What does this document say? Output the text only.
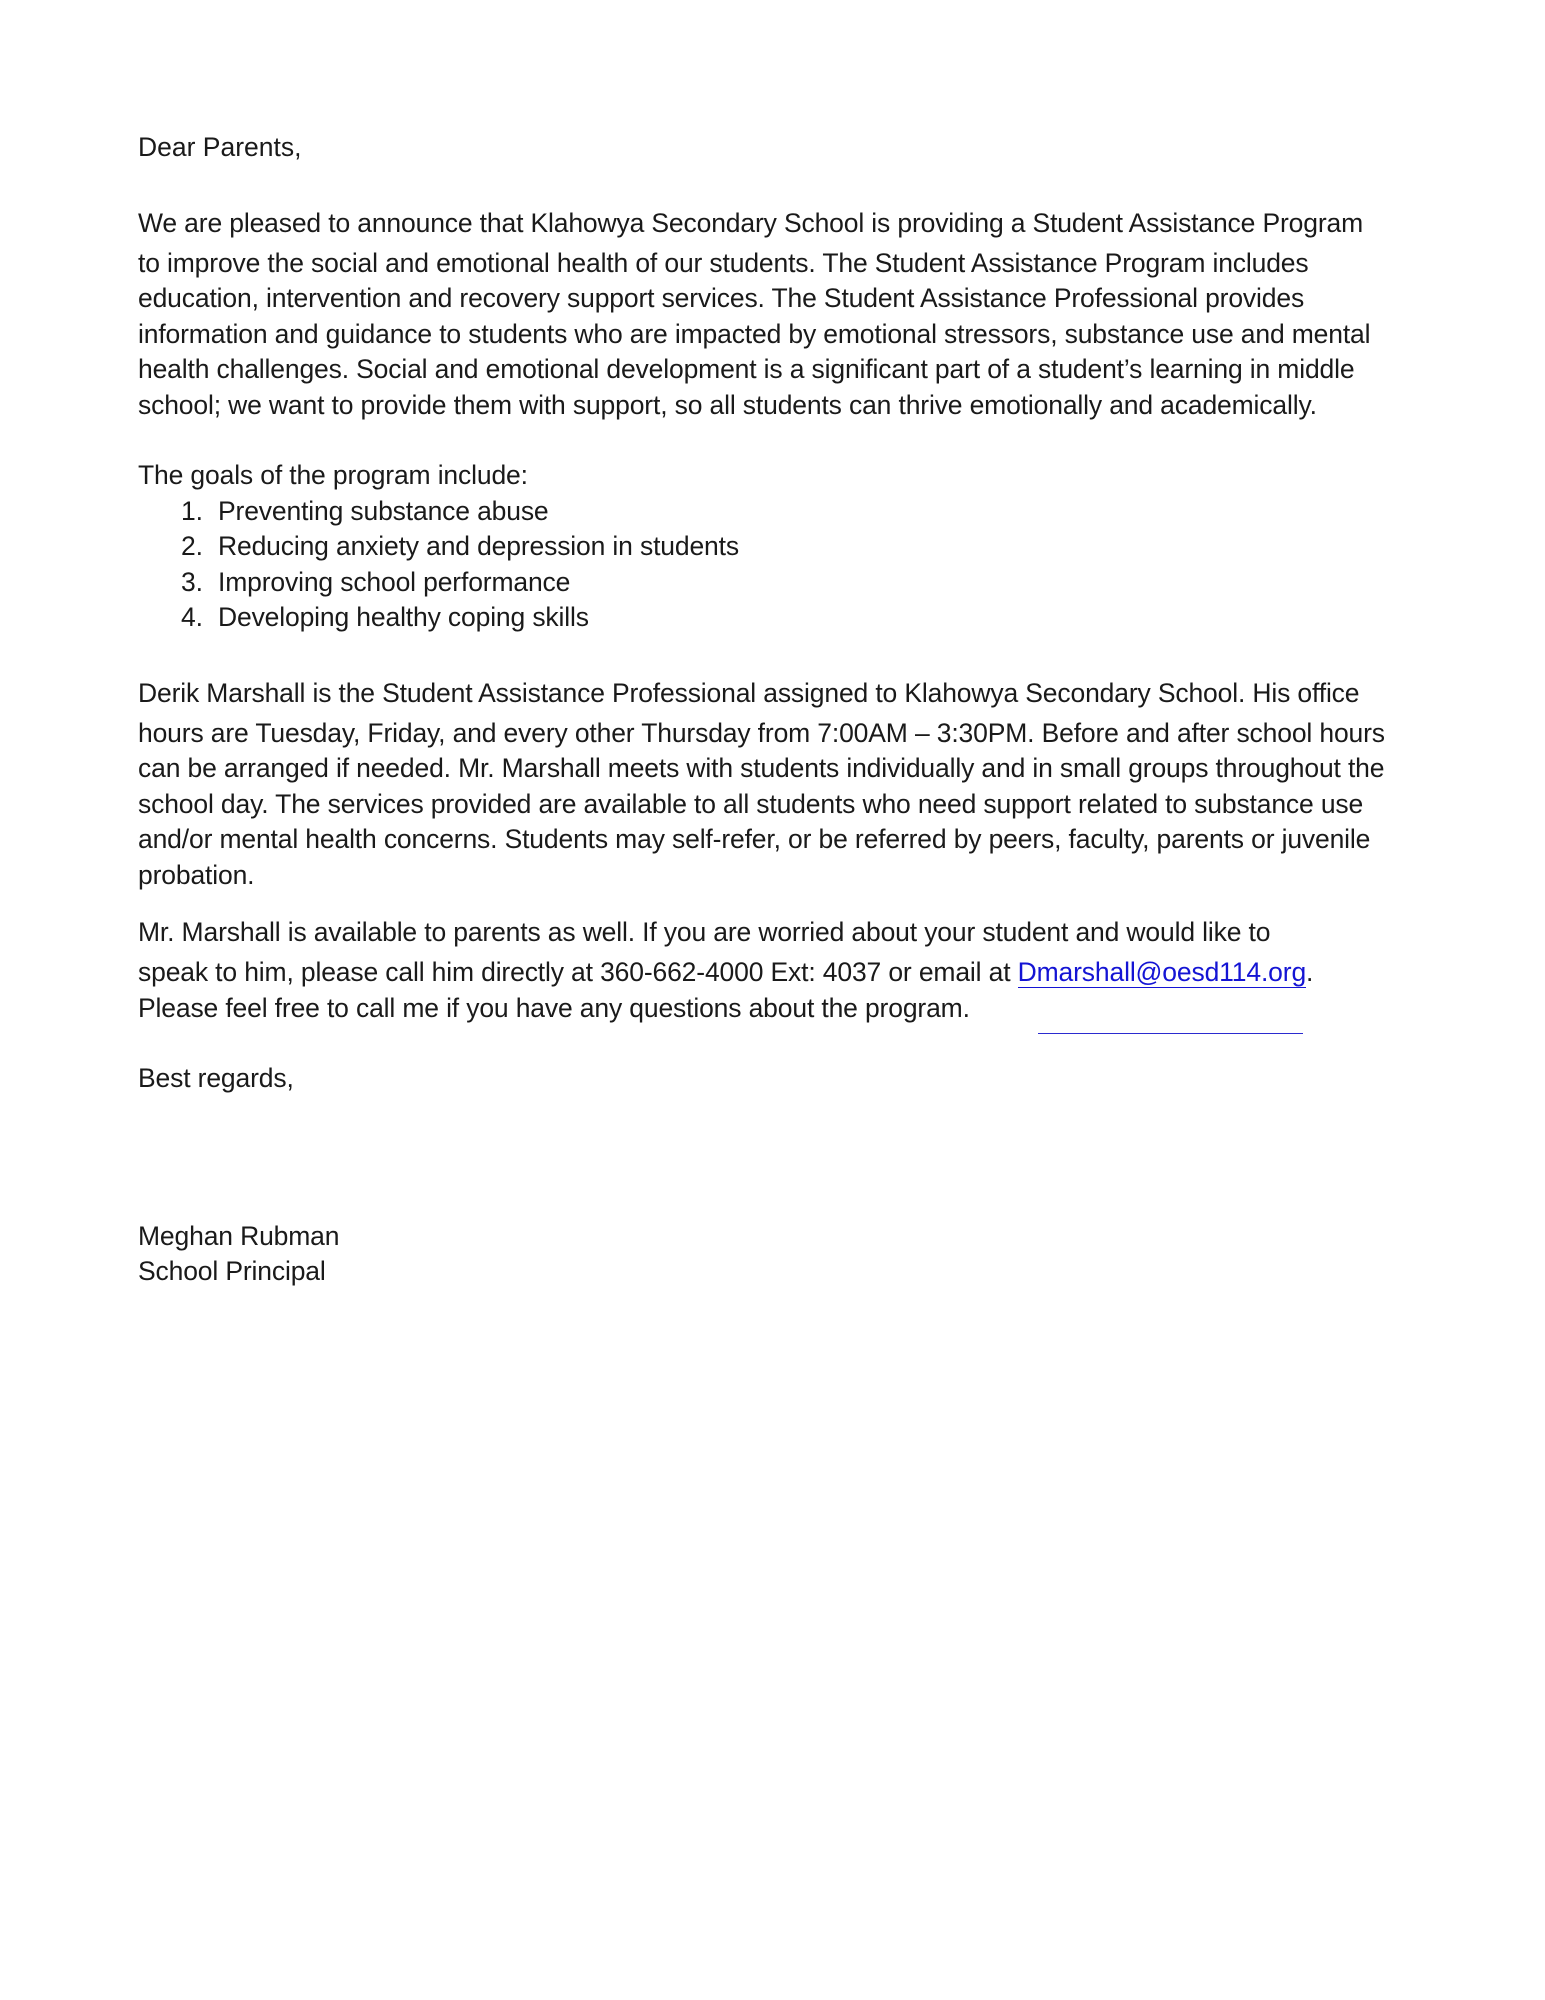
Dear Parents,

We are pleased to announce that Klahowya Secondary School is providing a Student Assistance Program

to improve the social and emotional health of our students. The Student Assistance Program includes education, intervention and recovery support services. The Student Assistance Professional provides information and guidance to students who are impacted by emotional stressors, substance use and mental health challenges. Social and emotional development is a significant part of a student’s learning in middle school; we want to provide them with support, so all students can thrive emotionally and academically.

The goals of the program include:

1. Preventing substance abuse
2. Reducing anxiety and depression in students
3. Improving school performance
4. Developing healthy coping skills

Derik Marshall is the Student Assistance Professional assigned to Klahowya Secondary School. His office

hours are Tuesday, Friday, and every other Thursday from 7:00AM – 3:30PM. Before and after school hours can be arranged if needed. Mr. Marshall meets with students individually and in small groups throughout the school day. The services provided are available to all students who need support related to substance use and/or mental health concerns. Students may self-refer, or be referred by peers, faculty, parents or juvenile probation.

Mr. Marshall is available to parents as well. If you are worried about your student and would like to

speak to him, please call him directly at 360-662-4000 Ext: 4037 or email at Dmarshall@oesd114.org.

Please feel free to call me if you have any questions about the program.

Best regards,

Meghan Rubman

School Principal
